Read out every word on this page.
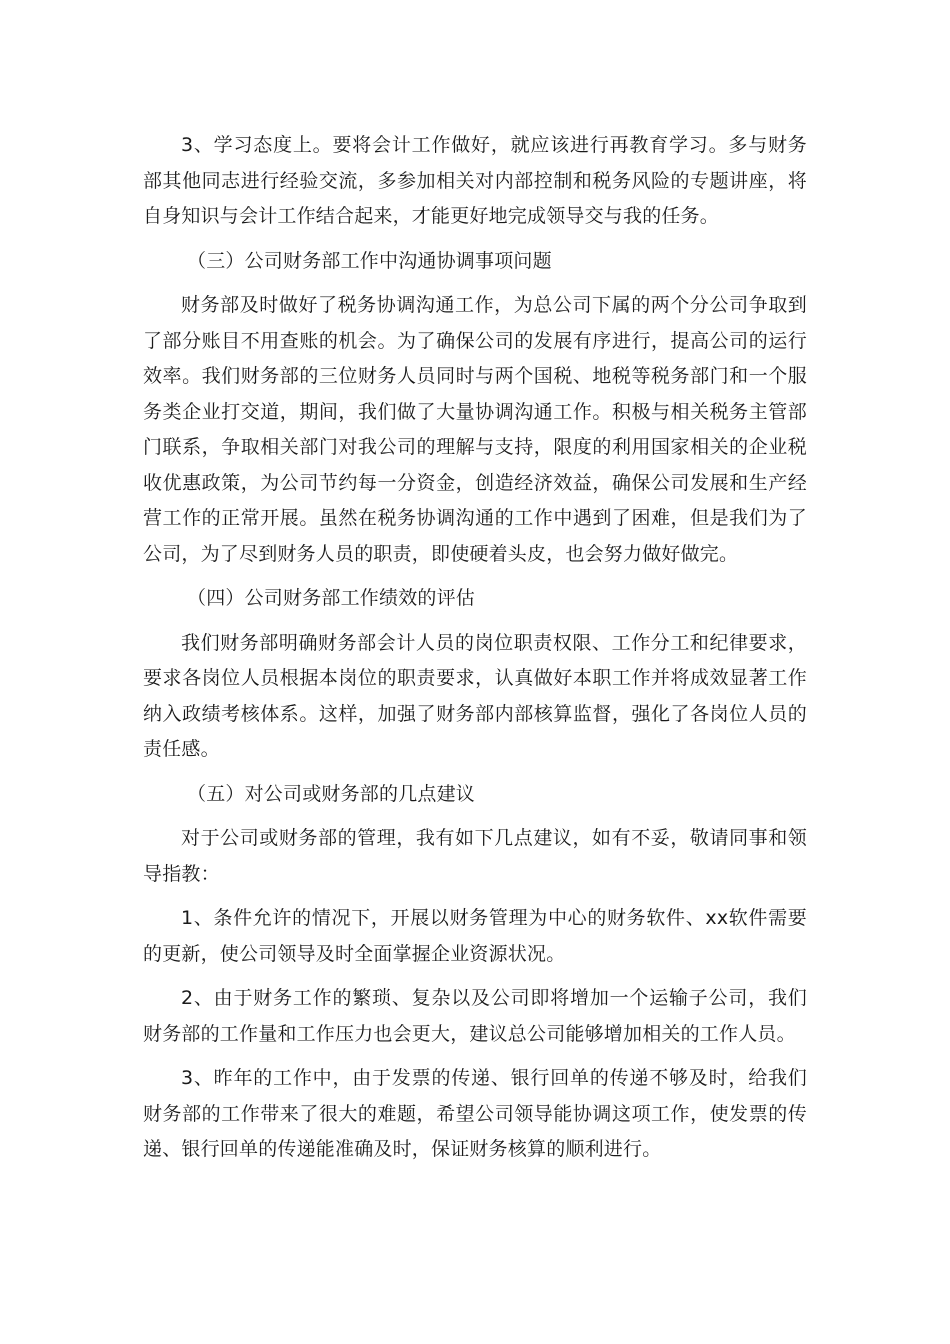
3、学习态度上。要将会计工作做好，就应该进行再教育学习。多与财务部其他同志进行经验交流，多参加相关对内部控制和税务风险的专题讲座，将自身知识与会计工作结合起来，才能更好地完成领导交与我的任务。

（三）公司财务部工作中沟通协调事项问题

财务部及时做好了税务协调沟通工作，为总公司下属的两个分公司争取到了部分账目不用查账的机会。为了确保公司的发展有序进行，提高公司的运行效率。我们财务部的三位财务人员同时与两个国税、地税等税务部门和一个服务类企业打交道，期间，我们做了大量协调沟通工作。积极与相关税务主管部门联系，争取相关部门对我公司的理解与支持，限度的利用国家相关的企业税收优惠政策，为公司节约每一分资金，创造经济效益，确保公司发展和生产经营工作的正常开展。虽然在税务协调沟通的工作中遇到了困难，但是我们为了公司，为了尽到财务人员的职责，即使硬着头皮，也会努力做好做完。

（四）公司财务部工作绩效的评估

我们财务部明确财务部会计人员的岗位职责权限、工作分工和纪律要求，要求各岗位人员根据本岗位的职责要求，认真做好本职工作并将成效显著工作纳入政绩考核体系。这样，加强了财务部内部核算监督，强化了各岗位人员的责任感。

（五）对公司或财务部的几点建议

对于公司或财务部的管理，我有如下几点建议，如有不妥，敬请同事和领导指教：

1、条件允许的情况下，开展以财务管理为中心的财务软件、xx软件需要的更新，使公司领导及时全面掌握企业资源状况。

2、由于财务工作的繁琐、复杂以及公司即将增加一个运输子公司，我们财务部的工作量和工作压力也会更大，建议总公司能够增加相关的工作人员。

3、昨年的工作中，由于发票的传递、银行回单的传递不够及时，给我们财务部的工作带来了很大的难题，希望公司领导能协调这项工作，使发票的传递、银行回单的传递能准确及时，保证财务核算的顺利进行。
